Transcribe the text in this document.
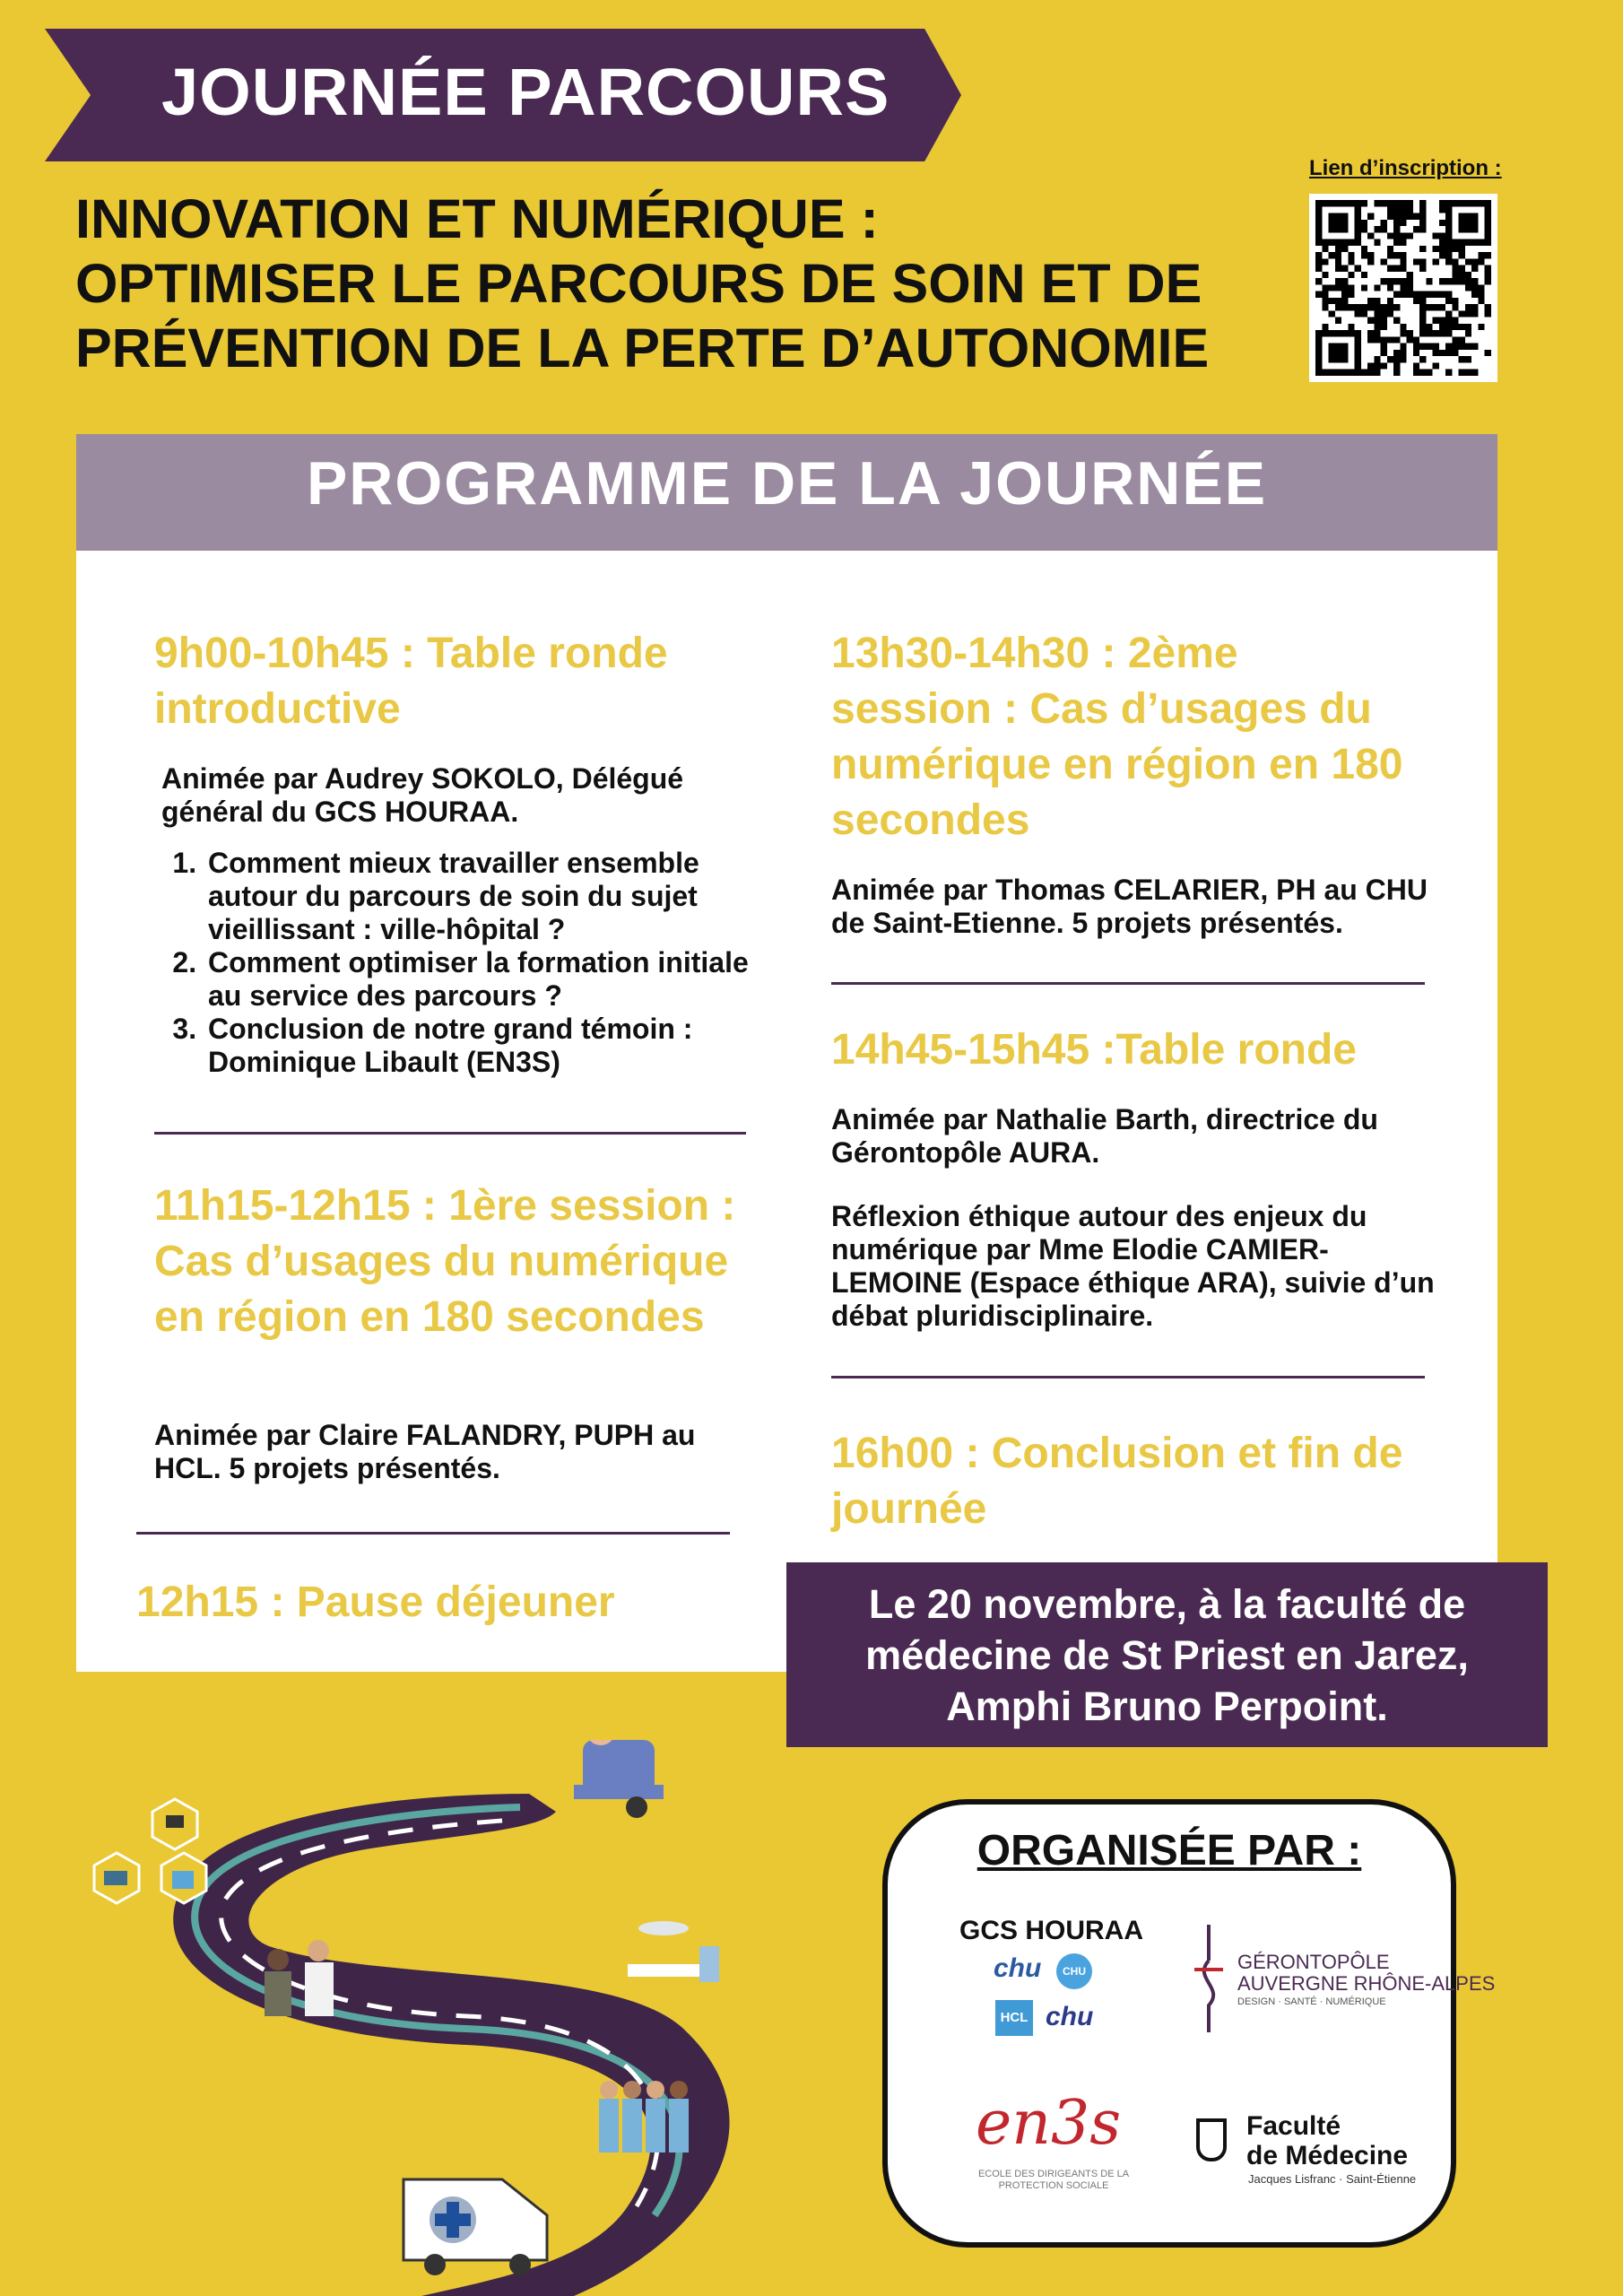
JOURNÉE PARCOURS
INNOVATION ET NUMÉRIQUE :
OPTIMISER LE PARCOURS DE SOIN ET DE
PRÉVENTION DE LA PERTE D’AUTONOMIE
Lien d’inscription :
PROGRAMME DE LA JOURNÉE
9h00-10h45 : Table ronde introductive
Animée par Audrey SOKOLO, Délégué général du GCS HOURAA.
1. Comment mieux travailler ensemble autour du parcours de soin du sujet vieillissant : ville-hôpital ?
2. Comment optimiser la formation initiale au service des parcours ?
3. Conclusion de notre grand témoin : Dominique Libault (EN3S)
11h15-12h15 : 1ère session : Cas d’usages du numérique en région en 180 secondes
Animée par Claire FALANDRY, PUPH au HCL. 5 projets présentés.
12h15 : Pause déjeuner
13h30-14h30 : 2ème session : Cas d’usages du numérique en région en 180 secondes
Animée par Thomas CELARIER, PH au CHU de Saint-Etienne. 5 projets présentés.
14h45-15h45 :Table ronde
Animée par Nathalie Barth, directrice du Gérontopôle AURA.
Réflexion éthique autour des enjeux du numérique par Mme Elodie CAMIER-LEMOINE (Espace éthique ARA), suivie d’un débat pluridisciplinaire.
16h00 : Conclusion et fin de journée
Le 20 novembre, à la faculté de
médecine de St Priest en Jarez,
Amphi Bruno Perpoint.
ORGANISÉE PAR :
GCS HOURAA
chu	CHU
HCL chu
GÉRONTOPÔLE
AUVERGNE RHÔNE-ALPES
DESIGN · SANTÉ · NUMÉRIQUE
en3s
ECOLE DES DIRIGEANTS DE LA PROTECTION SOCIALE
Faculté
de Médecine
Jacques Lisfranc · Saint-Étienne
